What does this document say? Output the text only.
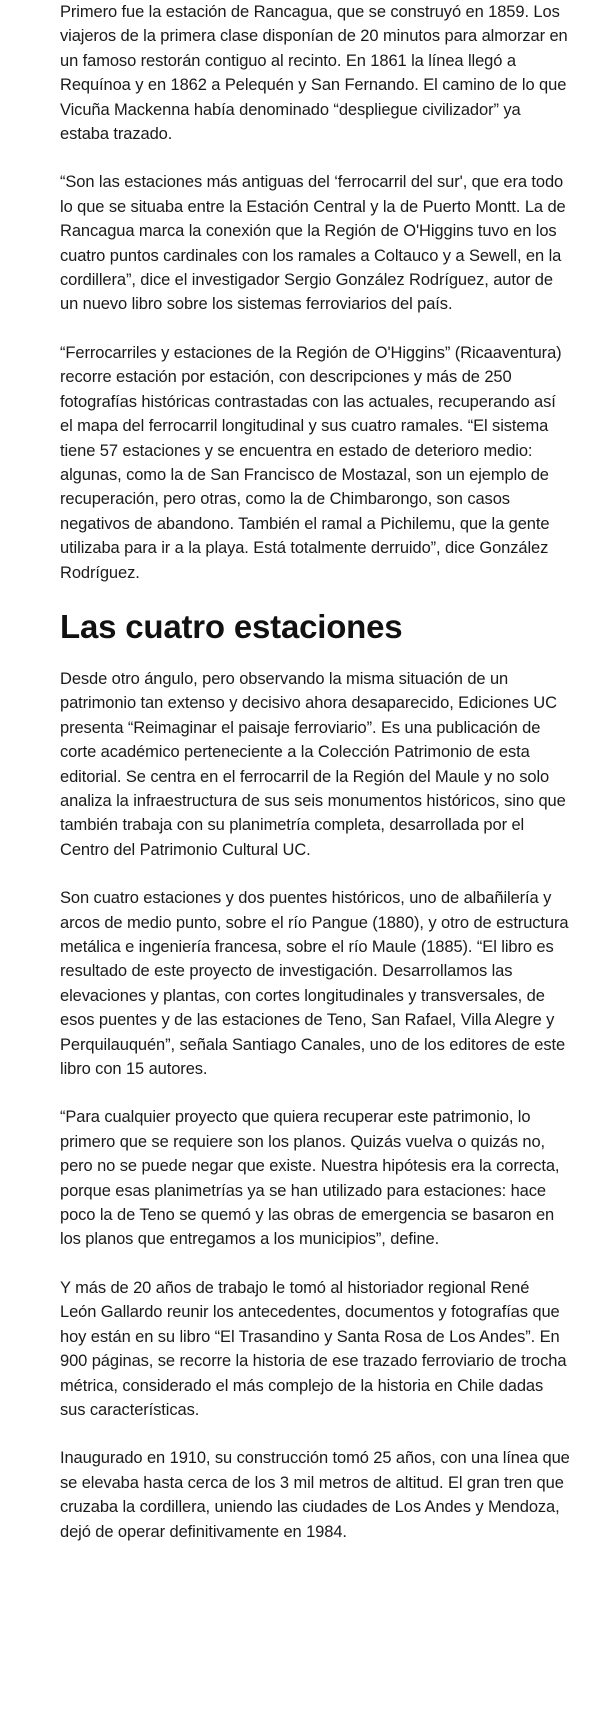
Primero fue la estación de Rancagua, que se construyó en 1859. Los viajeros de la primera clase disponían de 20 minutos para almorzar en un famoso restorán contiguo al recinto. En 1861 la línea llegó a Requínoa y en 1862 a Pelequén y San Fernando. El camino de lo que Vicuña Mackenna había denominado “despliegue civilizador” ya estaba trazado.

“Son las estaciones más antiguas del ‘ferrocarril del sur', que era todo lo que se situaba entre la Estación Central y la de Puerto Montt. La de Rancagua marca la conexión que la Región de O'Higgins tuvo en los cuatro puntos cardinales con los ramales a Coltauco y a Sewell, en la cordillera”, dice el investigador Sergio González Rodríguez, autor de un nuevo libro sobre los sistemas ferroviarios del país.

“Ferrocarriles y estaciones de la Región de O'Higgins” (Ricaaventura) recorre estación por estación, con descripciones y más de 250 fotografías históricas contrastadas con las actuales, recuperando así el mapa del ferrocarril longitudinal y sus cuatro ramales. “El sistema tiene 57 estaciones y se encuentra en estado de deterioro medio: algunas, como la de San Francisco de Mostazal, son un ejemplo de recuperación, pero otras, como la de Chimbarongo, son casos negativos de abandono. También el ramal a Pichilemu, que la gente utilizaba para ir a la playa. Está totalmente derruido”, dice González Rodríguez.

Las cuatro estaciones

Desde otro ángulo, pero observando la misma situación de un patrimonio tan extenso y decisivo ahora desaparecido, Ediciones UC presenta “Reimaginar el paisaje ferroviario”. Es una publicación de corte académico perteneciente a la Colección Patrimonio de esta editorial. Se centra en el ferrocarril de la Región del Maule y no solo analiza la infraestructura de sus seis monumentos históricos, sino que también trabaja con su planimetría completa, desarrollada por el Centro del Patrimonio Cultural UC.

Son cuatro estaciones y dos puentes históricos, uno de albañilería y arcos de medio punto, sobre el río Pangue (1880), y otro de estructura metálica e ingeniería francesa, sobre el río Maule (1885). “El libro es resultado de este proyecto de investigación. Desarrollamos las elevaciones y plantas, con cortes longitudinales y transversales, de esos puentes y de las estaciones de Teno, San Rafael, Villa Alegre y Perquilauquén”, señala Santiago Canales, uno de los editores de este libro con 15 autores.

“Para cualquier proyecto que quiera recuperar este patrimonio, lo primero que se requiere son los planos. Quizás vuelva o quizás no, pero no se puede negar que existe. Nuestra hipótesis era la correcta, porque esas planimetrías ya se han utilizado para estaciones: hace poco la de Teno se quemó y las obras de emergencia se basaron en los planos que entregamos a los municipios”, define.

Y más de 20 años de trabajo le tomó al historiador regional René León Gallardo reunir los antecedentes, documentos y fotografías que hoy están en su libro “El Trasandino y Santa Rosa de Los Andes”. En 900 páginas, se recorre la historia de ese trazado ferroviario de trocha métrica, considerado el más complejo de la historia en Chile dadas sus características.

Inaugurado en 1910, su construcción tomó 25 años, con una línea que se elevaba hasta cerca de los 3 mil metros de altitud. El gran tren que cruzaba la cordillera, uniendo las ciudades de Los Andes y Mendoza, dejó de operar definitivamente en 1984.
